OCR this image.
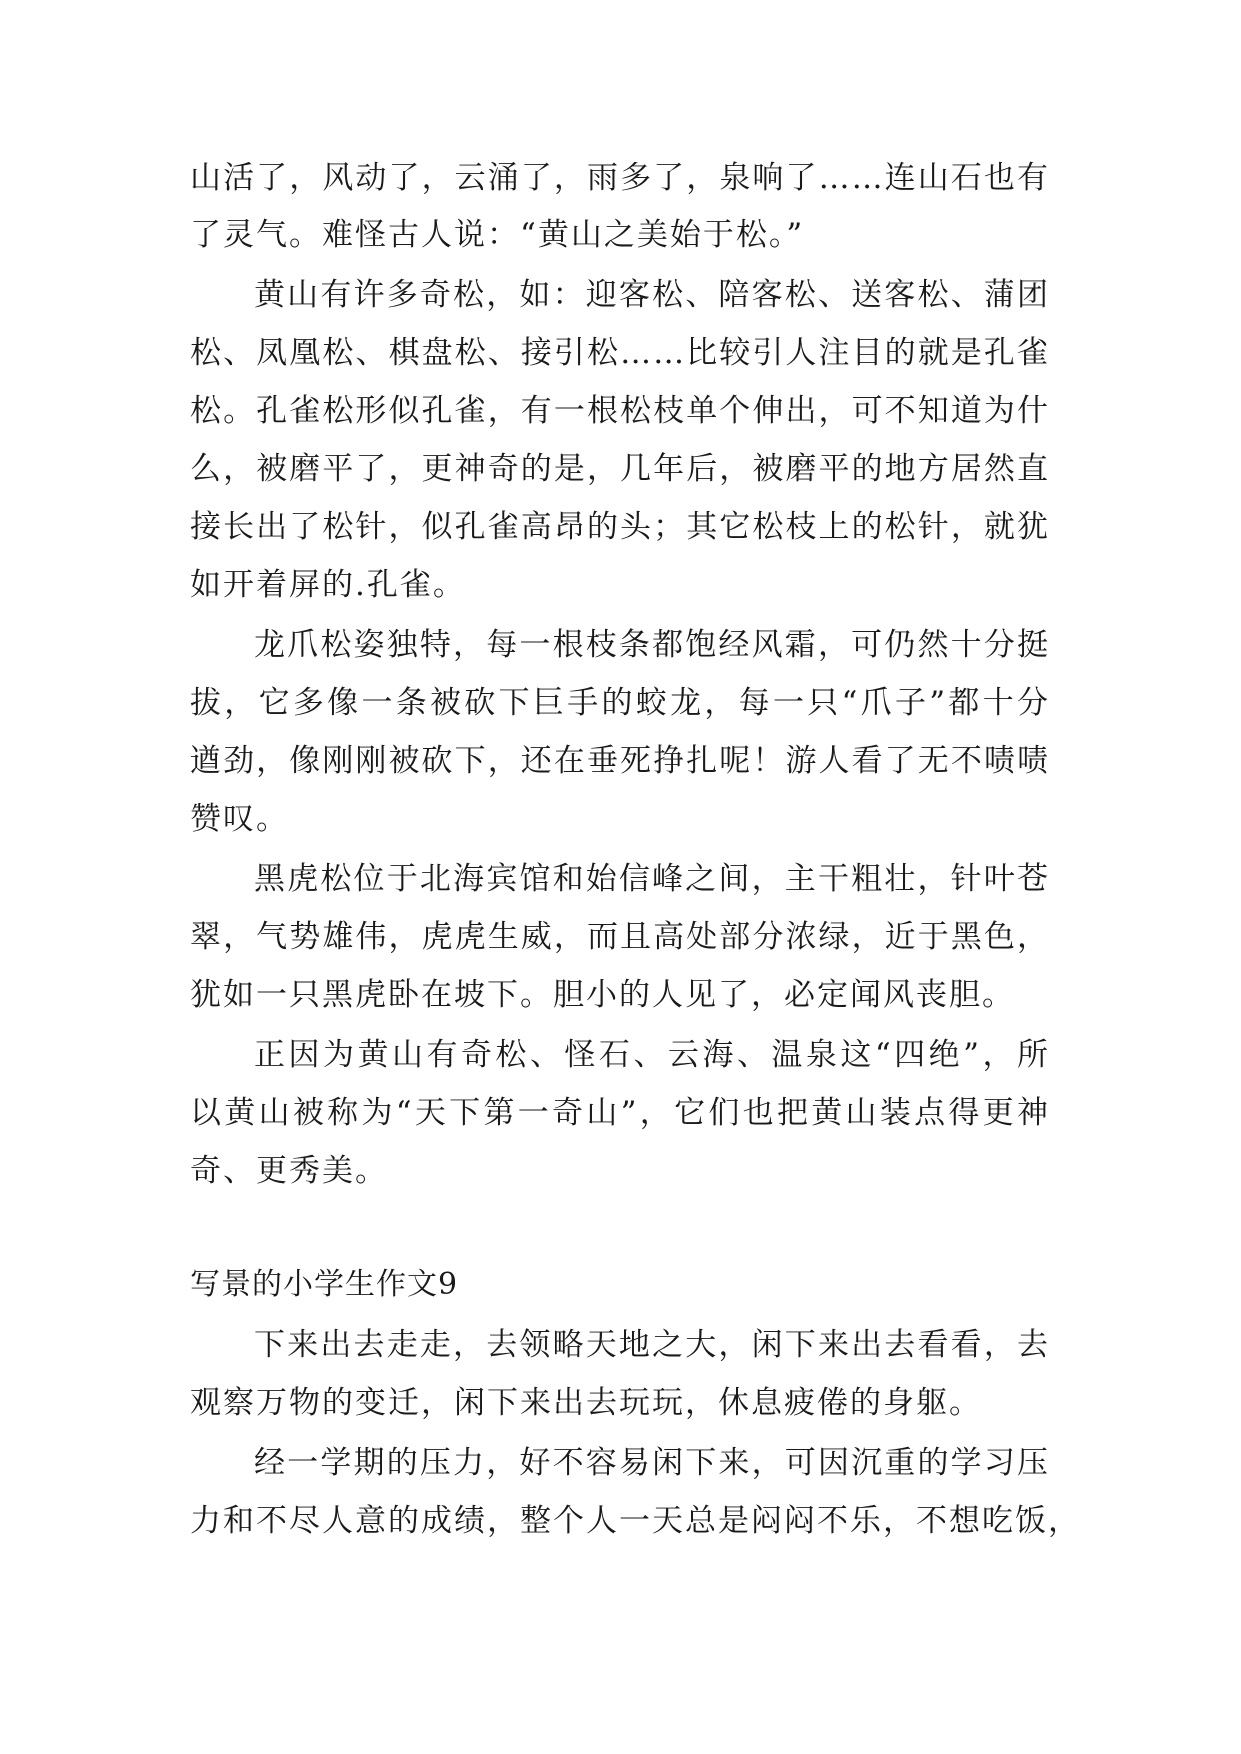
山活了，风动了，云涌了，雨多了，泉响了……连山石也有
了灵气。难怪古人说：“黄山之美始于松。”
黄山有许多奇松，如：迎客松、陪客松、送客松、蒲团
松、凤凰松、棋盘松、接引松……比较引人注目的就是孔雀
松。孔雀松形似孔雀，有一根松枝单个伸出，可不知道为什
么，被磨平了，更神奇的是，几年后，被磨平的地方居然直
接长出了松针，似孔雀高昂的头；其它松枝上的松针，就犹
如开着屏的.孔雀。
龙爪松姿独特，每一根枝条都饱经风霜，可仍然十分挺
拔，它多像一条被砍下巨手的蛟龙，每一只“爪子”都十分
遒劲，像刚刚被砍下，还在垂死挣扎呢！游人看了无不啧啧
赞叹。
黑虎松位于北海宾馆和始信峰之间，主干粗壮，针叶苍
翠，气势雄伟，虎虎生威，而且高处部分浓绿，近于黑色，
犹如一只黑虎卧在坡下。胆小的人见了，必定闻风丧胆。
正因为黄山有奇松、怪石、云海、温泉这“四绝”，所
以黄山被称为“天下第一奇山”，它们也把黄山装点得更神
奇、更秀美。
写景的小学生作文9
下来出去走走，去领略天地之大，闲下来出去看看，去
观察万物的变迁，闲下来出去玩玩，休息疲倦的身躯。
经一学期的压力，好不容易闲下来，可因沉重的学习压
力和不尽人意的成绩，整个人一天总是闷闷不乐，不想吃饭，
